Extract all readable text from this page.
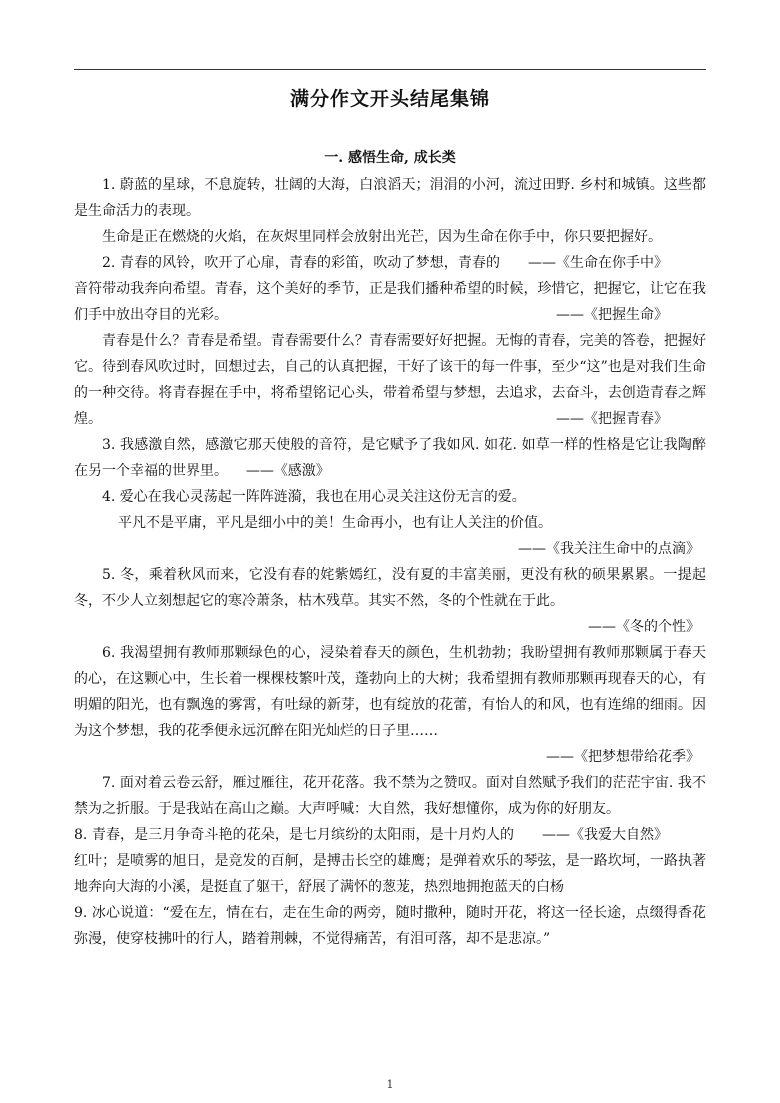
满分作文开头结尾集锦
一. 感悟生命, 成长类

1. 蔚蓝的星球，不息旋转，壮阔的大海，白浪滔天；涓涓的小河，流过田野. 乡村和城镇。这些都是生命活力的表现。

生命是正在燃烧的火焰，在灰烬里同样会放射出光芒，因为生命在你手中，你只要把握好。
——《生命在你手中》

2. 青春的风铃，吹开了心扉，青春的彩笛，吹动了梦想，青春的音符带动我奔向希望。青春，这个美好的季节，正是我们播种希望的时候，珍惜它，把握它，让它在我们手中放出夺目的光彩。	——《把握生命》

青春是什么？青春是希望。青春需要什么？青春需要好好把握。无悔的青春，完美的答卷，把握好它。待到春风吹过时，回想过去，自己的认真把握，干好了该干的每一件事，至少“这”也是对我们生命的一种交待。将青春握在手中，将希望铭记心头，带着希望与梦想，去追求，去奋斗，去创造青春之辉煌。	——《把握青春》

3. 我感激自然，感激它那天使般的音符，是它赋予了我如风. 如花. 如草一样的性格是它让我陶醉在另一个幸福的世界里。 ——《感激》

4. 爱心在我心灵荡起一阵阵涟漪，我也在用心灵关注这份无言的爱。

平凡不是平庸，平凡是细小中的美！生命再小，也有让人关注的价值。

——《我关注生命中的点滴》

5. 冬，乘着秋风而来，它没有春的姹紫嫣红，没有夏的丰富美丽，更没有秋的硕果累累。一提起冬，不少人立刻想起它的寒冷萧条，枯木残草。其实不然，冬的个性就在于此。

——《冬的个性》

6. 我渴望拥有教师那颗绿色的心，浸染着春天的颜色，生机勃勃；我盼望拥有教师那颗属于春天的心，在这颗心中，生长着一棵棵枝繁叶茂，蓬勃向上的大树；我希望拥有教师那颗再现春天的心，有明媚的阳光，也有飘逸的雾霄，有吐绿的新芽，也有绽放的花蕾，有怡人的和风，也有连绵的细雨。因为这个梦想，我的花季便永远沉醉在阳光灿烂的日子里……

——《把梦想带给花季》

7. 面对着云卷云舒，雁过雁往，花开花落。我不禁为之赞叹。面对自然赋予我们的茫茫宇宙. 我不禁为之折服。于是我站在高山之巅。大声呼喊：大自然，我好想懂你，成为你的好朋友。
——《我爱大自然》

8. 青春，是三月争奇斗艳的花朵，是七月缤纷的太阳雨，是十月灼人的红叶；是喷雾的旭日，是竞发的百舸，是搏击长空的雄鹰；是弹着欢乐的琴弦，是一路坎坷，一路执著地奔向大海的小溪，是挺直了躯干，舒展了满怀的葱茏，热烈地拥抱蓝天的白杨

9. 冰心说道：“爱在左，情在右，走在生命的两旁，随时撒种，随时开花，将这一径长途，点缀得香花弥漫，使穿枝拂叶的行人，踏着荆棘，不觉得痛苦，有泪可落，却不是悲凉。”

1
